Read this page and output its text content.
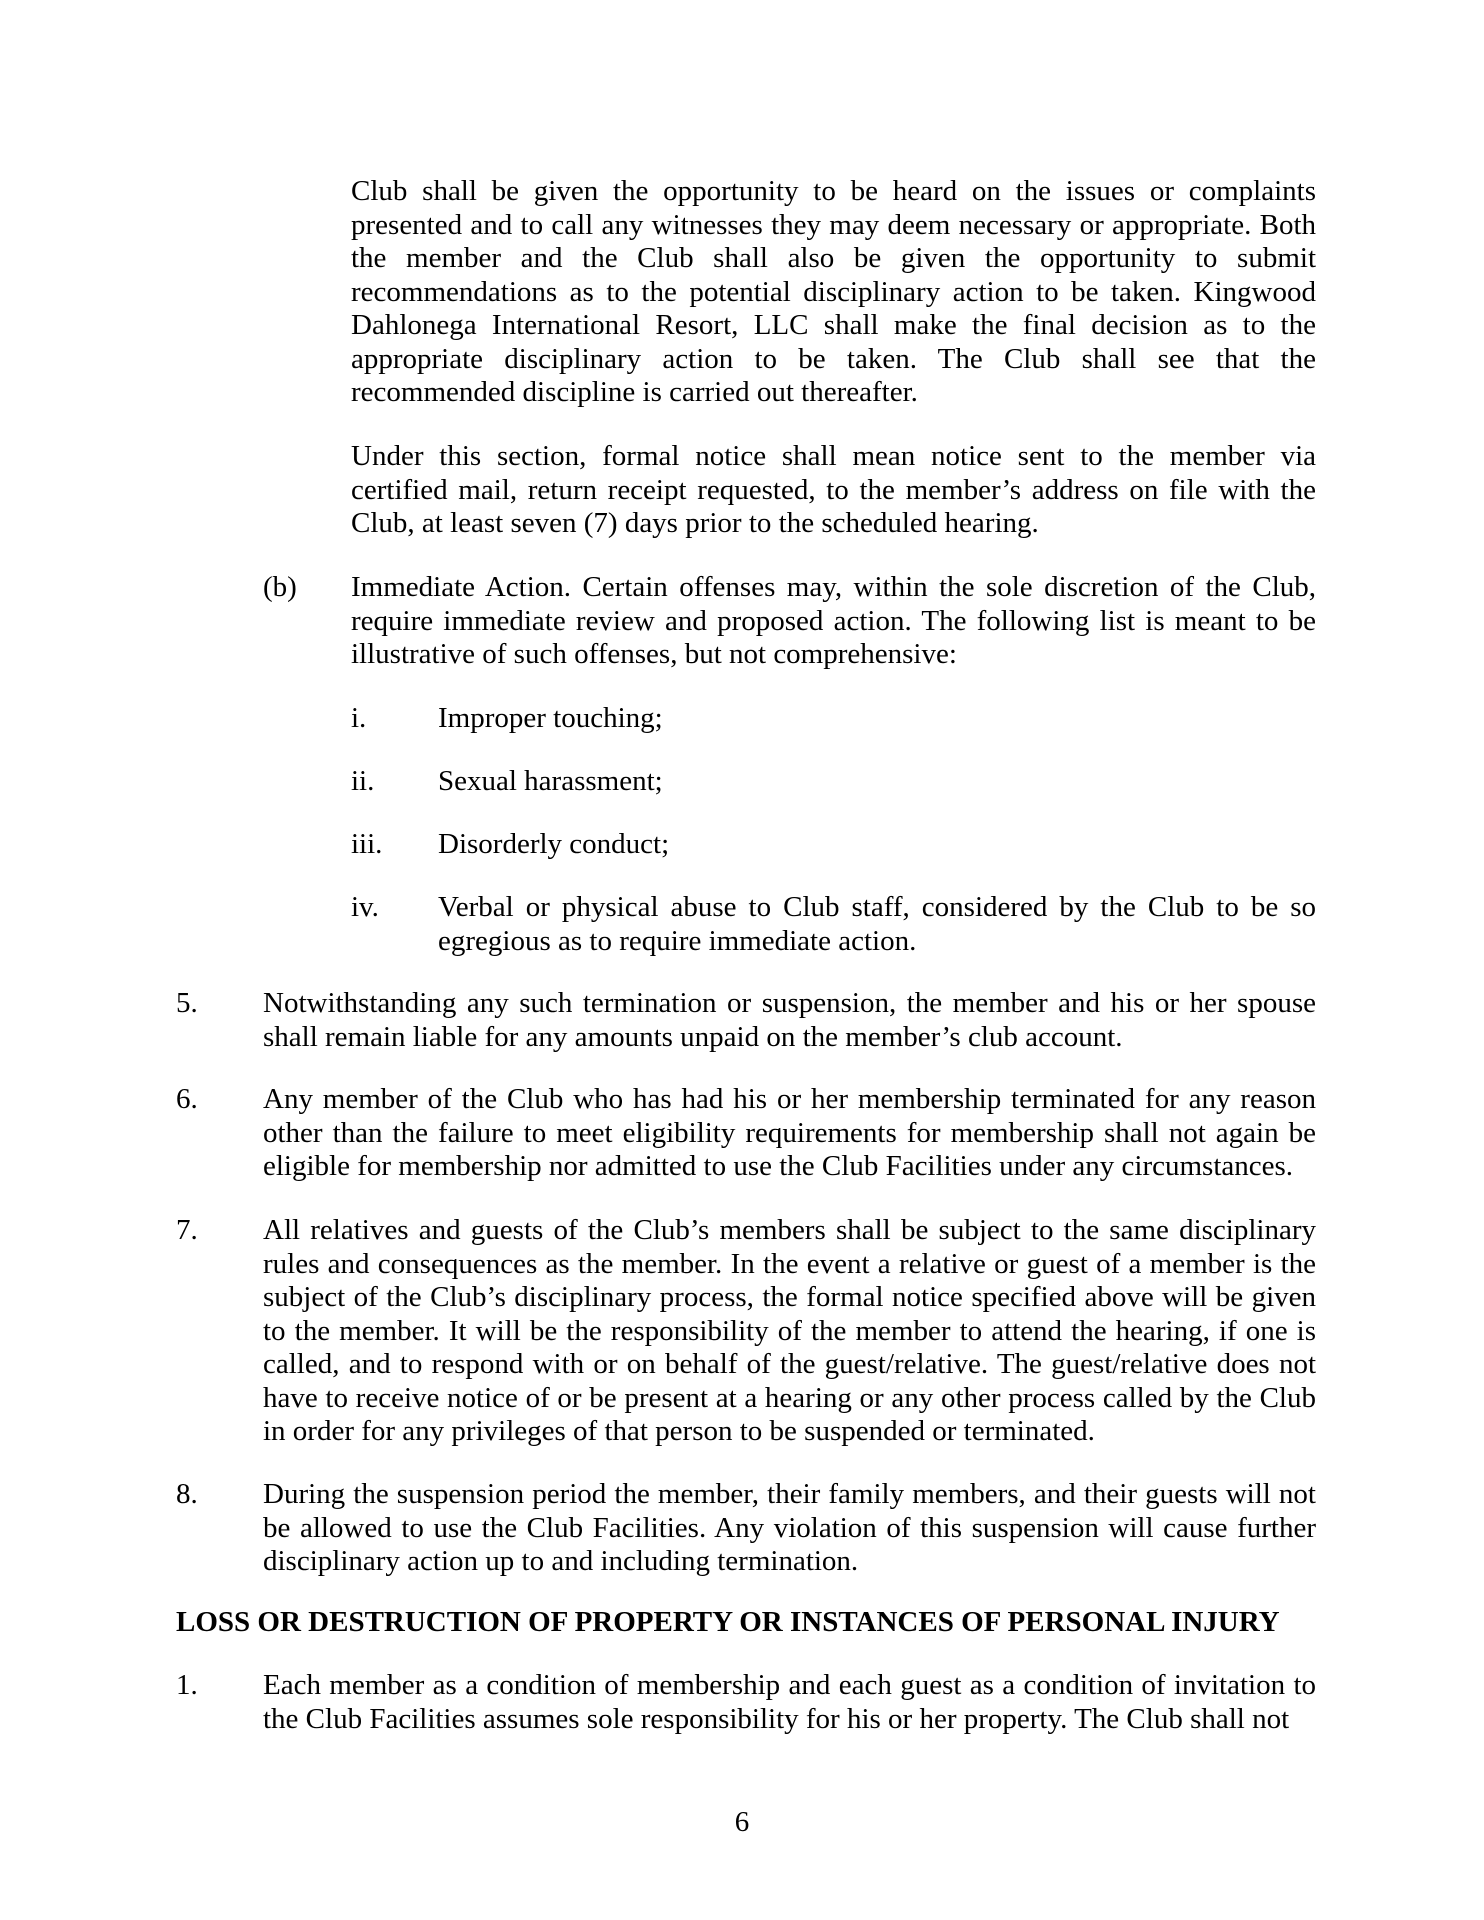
Club shall be given the opportunity to be heard on the issues or complaints presented and to call any witnesses they may deem necessary or appropriate. Both the member and the Club shall also be given the opportunity to submit recommendations as to the potential disciplinary action to be taken. Kingwood Dahlonega International Resort, LLC shall make the final decision as to the appropriate disciplinary action to be taken. The Club shall see that the recommended discipline is carried out thereafter.
Under this section, formal notice shall mean notice sent to the member via certified mail, return receipt requested, to the member’s address on file with the Club, at least seven (7) days prior to the scheduled hearing.
(b) Immediate Action. Certain offenses may, within the sole discretion of the Club, require immediate review and proposed action. The following list is meant to be illustrative of such offenses, but not comprehensive:
i. Improper touching;
ii. Sexual harassment;
iii. Disorderly conduct;
iv. Verbal or physical abuse to Club staff, considered by the Club to be so egregious as to require immediate action.
5. Notwithstanding any such termination or suspension, the member and his or her spouse shall remain liable for any amounts unpaid on the member’s club account.
6. Any member of the Club who has had his or her membership terminated for any reason other than the failure to meet eligibility requirements for membership shall not again be eligible for membership nor admitted to use the Club Facilities under any circumstances.
7. All relatives and guests of the Club’s members shall be subject to the same disciplinary rules and consequences as the member. In the event a relative or guest of a member is the subject of the Club’s disciplinary process, the formal notice specified above will be given to the member. It will be the responsibility of the member to attend the hearing, if one is called, and to respond with or on behalf of the guest/relative. The guest/relative does not have to receive notice of or be present at a hearing or any other process called by the Club in order for any privileges of that person to be suspended or terminated.
8. During the suspension period the member, their family members, and their guests will not be allowed to use the Club Facilities. Any violation of this suspension will cause further disciplinary action up to and including termination.
LOSS OR DESTRUCTION OF PROPERTY OR INSTANCES OF PERSONAL INJURY
1. Each member as a condition of membership and each guest as a condition of invitation to the Club Facilities assumes sole responsibility for his or her property. The Club shall not
6
